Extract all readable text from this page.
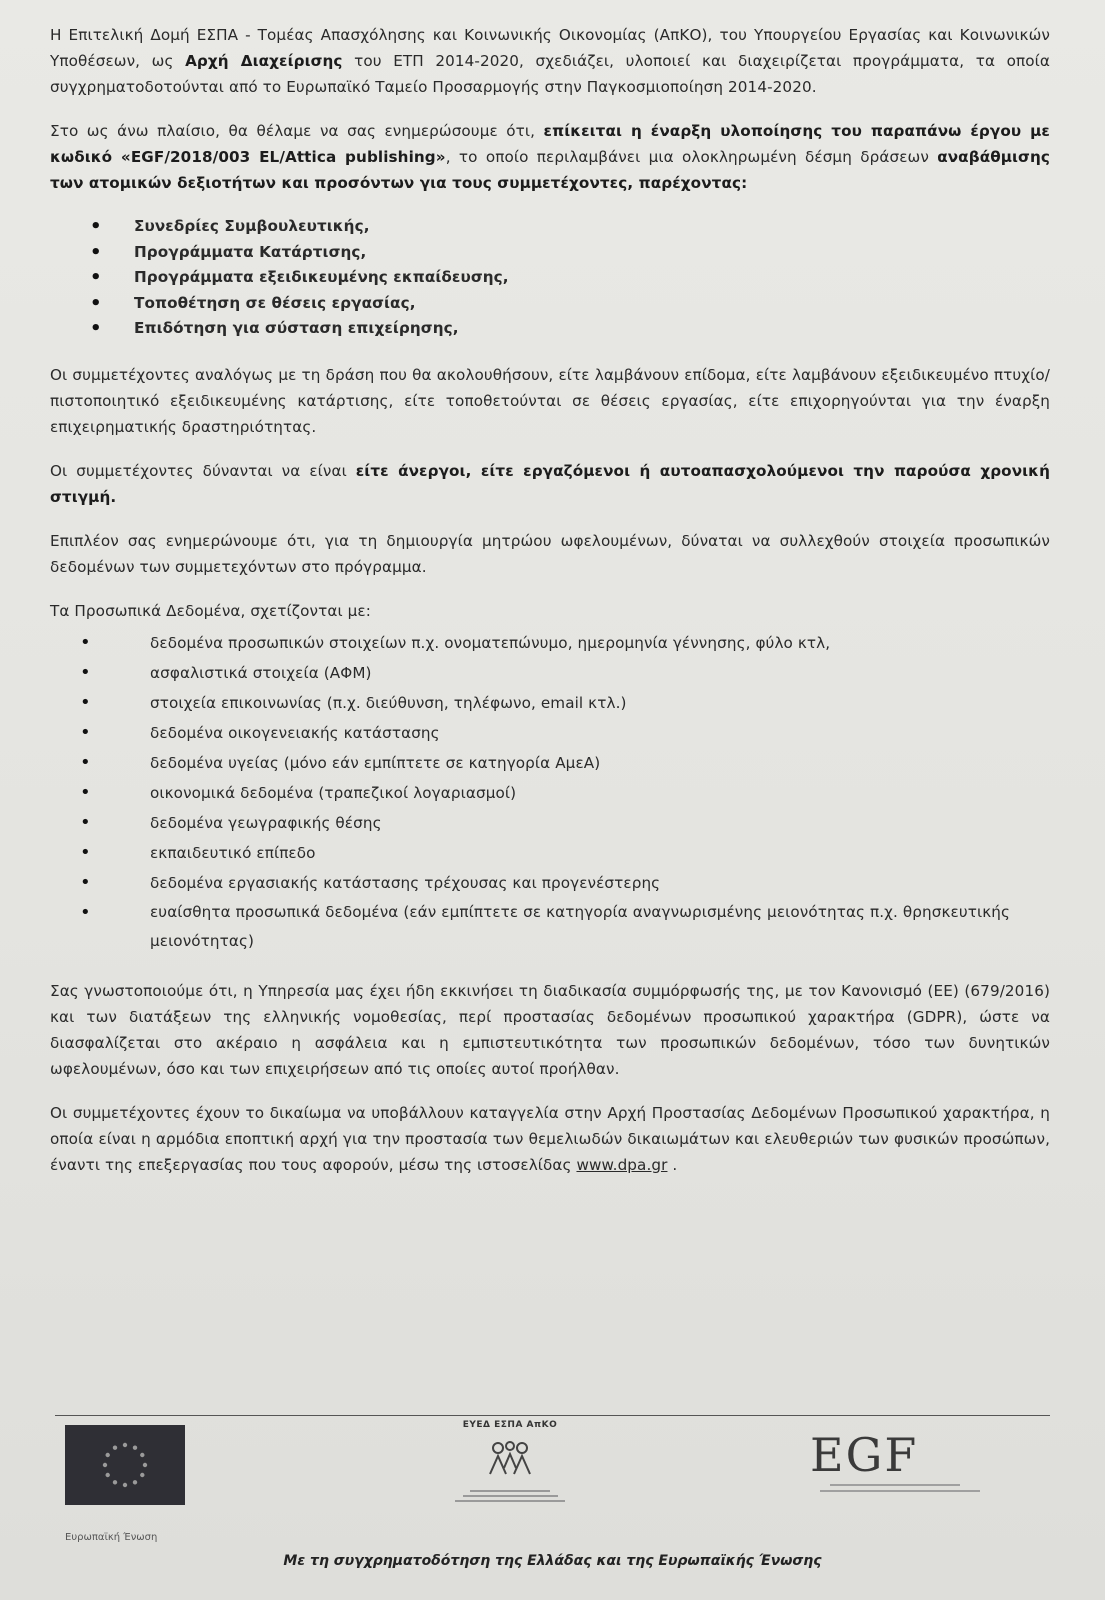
Η Επιτελική Δομή ΕΣΠΑ - Τομέας Απασχόλησης και Κοινωνικής Οικονομίας (ΑπΚΟ), του Υπουργείου Εργασίας και Κοινωνικών Υποθέσεων, ως Αρχή Διαχείρισης του ΕΤΠ 2014-2020, σχεδιάζει, υλοποιεί και διαχειρίζεται προγράμματα, τα οποία συγχρηματοδοτούνται από το Ευρωπαϊκό Ταμείο Προσαρμογής στην Παγκοσμιοποίηση 2014-2020.

Στο ως άνω πλαίσιο, θα θέλαμε να σας ενημερώσουμε ότι, επίκειται η έναρξη υλοποίησης του παραπάνω έργου με κωδικό «EGF/2018/003 EL/Attica publishing», το οποίο περιλαμβάνει μια ολοκληρωμένη δέσμη δράσεων αναβάθμισης των ατομικών δεξιοτήτων και προσόντων για τους συμμετέχοντες, παρέχοντας:

• Συνεδρίες Συμβουλευτικής,
• Προγράμματα Κατάρτισης,
• Προγράμματα εξειδικευμένης εκπαίδευσης,
• Τοποθέτηση σε θέσεις εργασίας,
• Επιδότηση για σύσταση επιχείρησης,

Οι συμμετέχοντες αναλόγως με τη δράση που θα ακολουθήσουν, είτε λαμβάνουν επίδομα, είτε λαμβάνουν εξειδικευμένο πτυχίο/πιστοποιητικό εξειδικευμένης κατάρτισης, είτε τοποθετούνται σε θέσεις εργασίας, είτε επιχορηγούνται για την έναρξη επιχειρηματικής δραστηριότητας.

Οι συμμετέχοντες δύνανται να είναι είτε άνεργοι, είτε εργαζόμενοι ή αυτοαπασχολούμενοι την παρούσα χρονική στιγμή.

Επιπλέον σας ενημερώνουμε ότι, για τη δημιουργία μητρώου ωφελουμένων, δύναται να συλλεχθούν στοιχεία προσωπικών δεδομένων των συμμετεχόντων στο πρόγραμμα.

Τα Προσωπικά Δεδομένα, σχετίζονται με:
• δεδομένα προσωπικών στοιχείων π.χ. ονοματεπώνυμο, ημερομηνία γέννησης, φύλο κτλ,
• ασφαλιστικά στοιχεία (ΑΦΜ)
• στοιχεία επικοινωνίας (π.χ. διεύθυνση, τηλέφωνο, email κτλ.)
• δεδομένα οικογενειακής κατάστασης
• δεδομένα υγείας (μόνο εάν εμπίπτετε σε κατηγορία ΑμεΑ)
• οικονομικά δεδομένα (τραπεζικοί λογαριασμοί)
• δεδομένα γεωγραφικής θέσης
• εκπαιδευτικό επίπεδο
• δεδομένα εργασιακής κατάστασης τρέχουσας και προγενέστερης
• ευαίσθητα προσωπικά δεδομένα (εάν εμπίπτετε σε κατηγορία αναγνωρισμένης μειονότητας π.χ. θρησκευτικής μειονότητας)

Σας γνωστοποιούμε ότι, η Υπηρεσία μας έχει ήδη εκκινήσει τη διαδικασία συμμόρφωσής της, με τον Κανονισμό (ΕΕ) (679/2016) και των διατάξεων της ελληνικής νομοθεσίας, περί προστασίας δεδομένων προσωπικού χαρακτήρα (GDPR), ώστε να διασφαλίζεται στο ακέραιο η ασφάλεια και η εμπιστευτικότητα των προσωπικών δεδομένων, τόσο των δυνητικών ωφελουμένων, όσο και των επιχειρήσεων από τις οποίες αυτοί προήλθαν.

Οι συμμετέχοντες έχουν το δικαίωμα να υποβάλλουν καταγγελία στην Αρχή Προστασίας Δεδομένων Προσωπικού χαρακτήρα, η οποία είναι η αρμόδια εποπτική αρχή για την προστασία των θεμελιωδών δικαιωμάτων και ελευθεριών των φυσικών προσώπων, έναντι της επεξεργασίας που τους αφορούν, μέσω της ιστοσελίδας www.dpa.gr .

Ευρωπαϊκή Ένωση
ΕΥΕΔ ΕΣΠΑ ΑπΚΟ
EGF
Με τη συγχρηματοδότηση της Ελλάδας και της Ευρωπαϊκής Ένωσης
